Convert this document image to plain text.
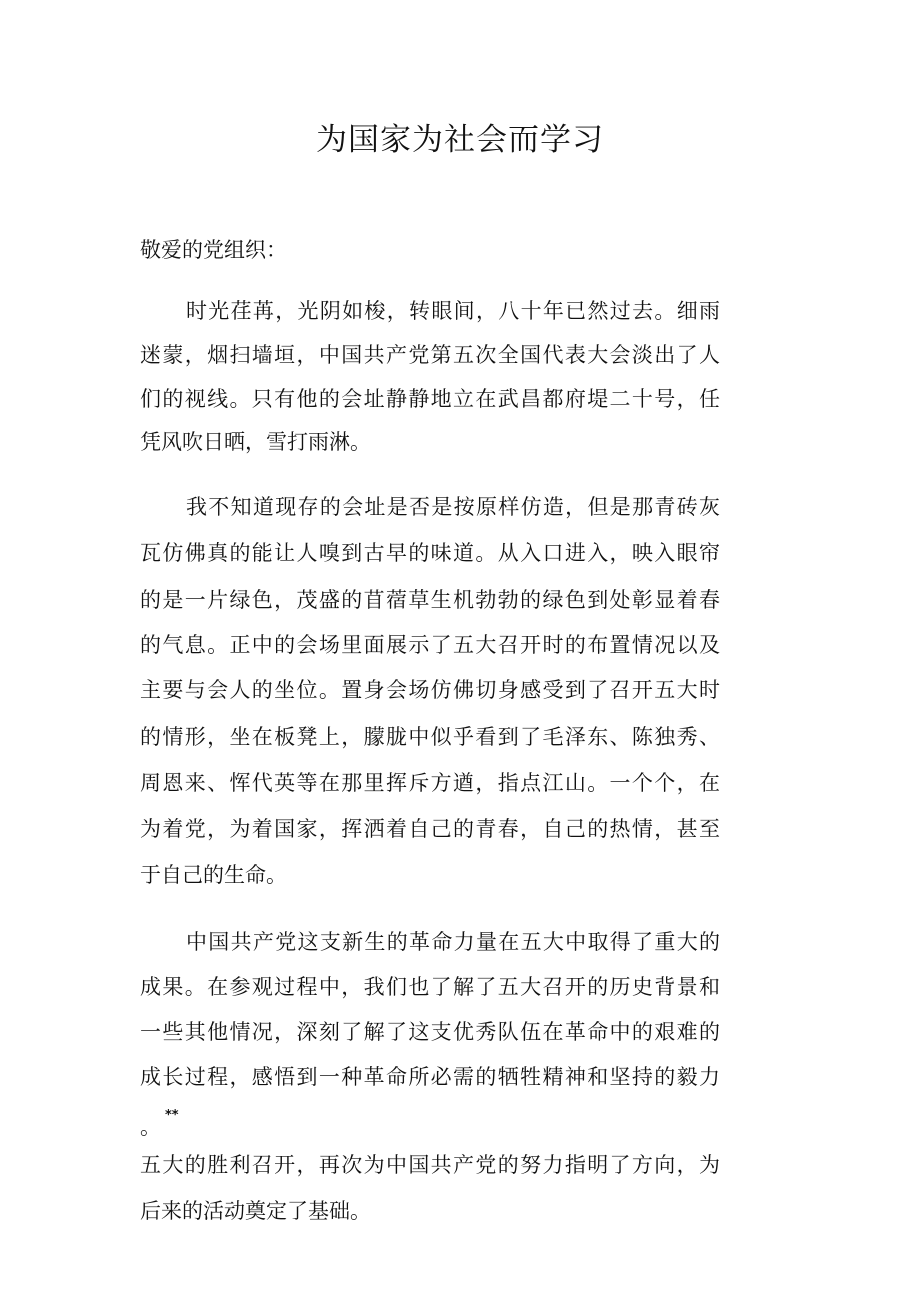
为国家为社会而学习
敬爱的党组织：
时光荏苒，光阴如梭，转眼间，八十年已然过去。细雨
迷蒙，烟扫墙垣，中国共产党第五次全国代表大会淡出了人
们的视线。只有他的会址静静地立在武昌都府堤二十号，任
凭风吹日晒，雪打雨淋。
我不知道现存的会址是否是按原样仿造，但是那青砖灰
瓦仿佛真的能让人嗅到古早的味道。从入口进入，映入眼帘
的是一片绿色，茂盛的苜蓿草生机勃勃的绿色到处彰显着春
的气息。正中的会场里面展示了五大召开时的布置情况以及
主要与会人的坐位。置身会场仿佛切身感受到了召开五大时
的情形，坐在板凳上，朦胧中似乎看到了毛泽东、陈独秀、
周恩来、恽代英等在那里挥斥方遒，指点江山。一个个，在
为着党，为着国家，挥洒着自己的青春，自己的热情，甚至
于自己的生命。
中国共产党这支新生的革命力量在五大中取得了重大的
成果。在参观过程中，我们也了解了五大召开的历史背景和
一些其他情况，深刻了解了这支优秀队伍在革命中的艰难的
成长过程，感悟到一种革命所必需的牺牲精神和坚持的毅力
。 **
五大的胜利召开，再次为中国共产党的努力指明了方向，为
后来的活动奠定了基础。
